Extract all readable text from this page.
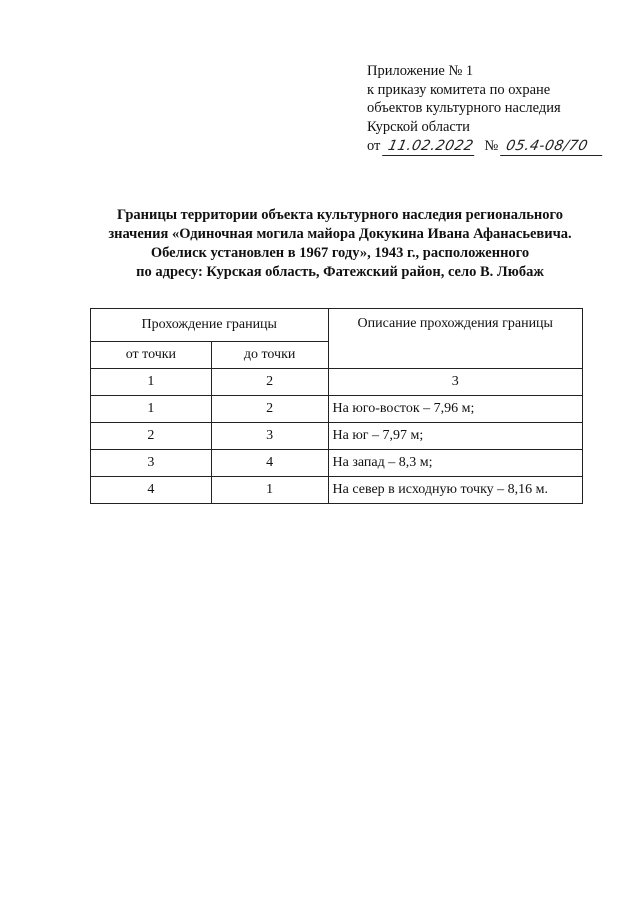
Приложение № 1
к приказу комитета по охране
объектов культурного наследия
Курской области
от 11.02.2022 № 05.4-08/70
Границы территории объекта культурного наследия регионального
значения «Одиночная могила майора Докукина Ивана Афанасьевича.
Обелиск установлен в 1967 году», 1943 г., расположенного
по адресу: Курская область, Фатежский район, село В. Любаж
Прохождение границы		Описание прохождения границы
от точки	до точки	
1	2	3
1	2	На юго-восток – 7,96 м;
2	3	На юг – 7,97 м;
3	4	На запад – 8,3 м;
4	1	На север в исходную точку – 8,16 м.
